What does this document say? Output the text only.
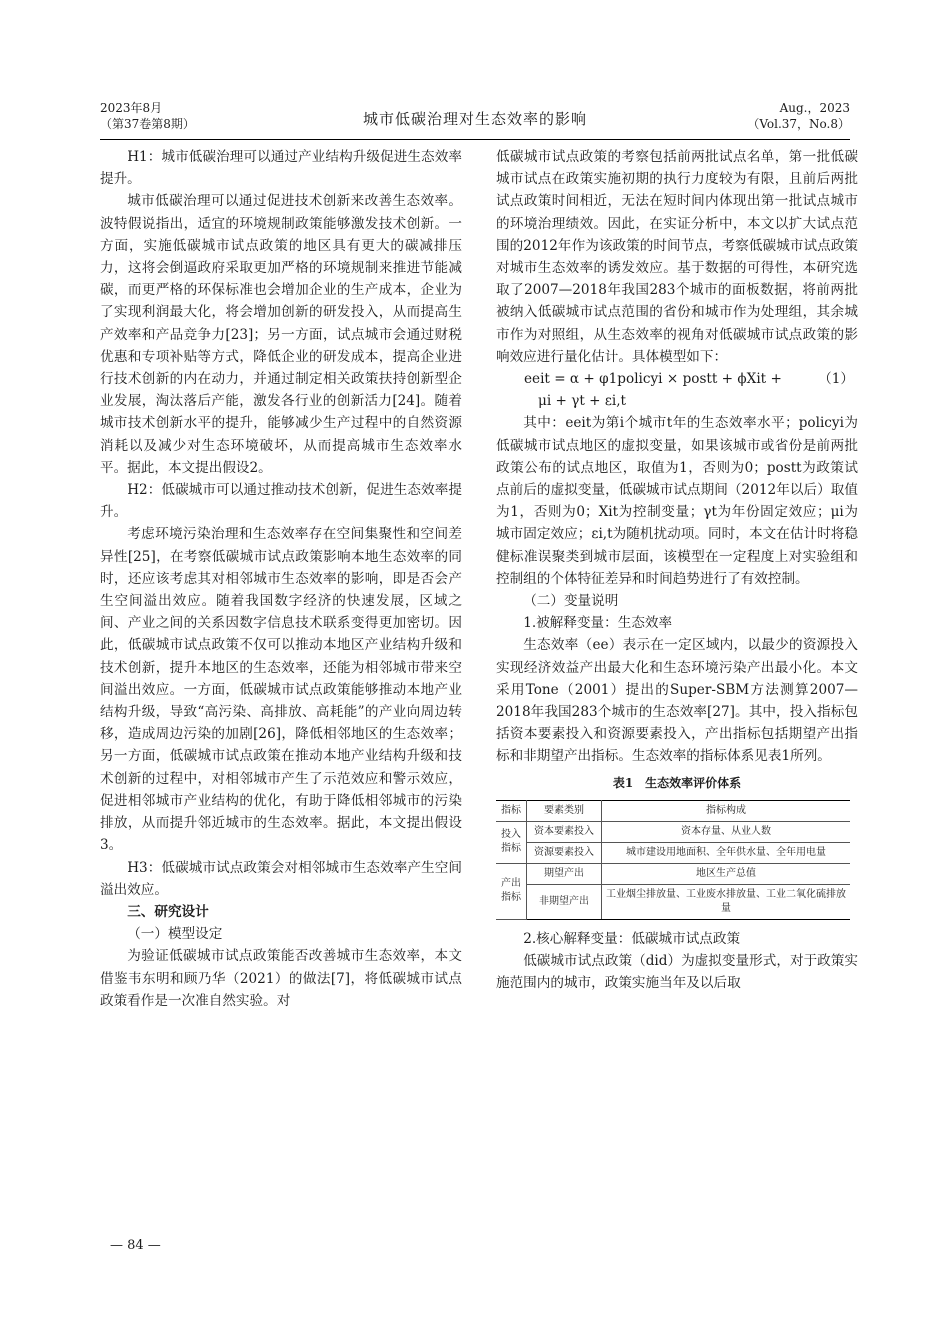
2023年8月
（第37卷第8期）	城市低碳治理对生态效率的影响
Aug.，2023
（Vol.37，No.8）

H1：城市低碳治理可以通过产业结构升级促进生态效率提升。

城市低碳治理可以通过促进技术创新来改善生态效率。波特假说指出，适宜的环境规制政策能够激发技术创新。一方面，实施低碳城市试点政策的地区具有更大的碳减排压力，这将会倒逼政府采取更加严格的环境规制来推进节能减碳，而更严格的环保标准也会增加企业的生产成本，企业为了实现利润最大化，将会增加创新的研发投入，从而提高生产效率和产品竞争力[23]；另一方面，试点城市会通过财税优惠和专项补贴等方式，降低企业的研发成本，提高企业进行技术创新的内在动力，并通过制定相关政策扶持创新型企业发展，淘汰落后产能，激发各行业的创新活力[24]。随着城市技术创新水平的提升，能够减少生产过程中的自然资源消耗以及减少对生态环境破坏，从而提高城市生态效率水平。据此，本文提出假设2。

H2：低碳城市可以通过推动技术创新，促进生态效率提升。

考虑环境污染治理和生态效率存在空间集聚性和空间差异性[25]，在考察低碳城市试点政策影响本地生态效率的同时，还应该考虑其对相邻城市生态效率的影响，即是否会产生空间溢出效应。随着我国数字经济的快速发展，区域之间、产业之间的关系因数字信息技术联系变得更加密切。因此，低碳城市试点政策不仅可以推动本地区产业结构升级和技术创新，提升本地区的生态效率，还能为相邻城市带来空间溢出效应。一方面，低碳城市试点政策能够推动本地产业结构升级，导致“高污染、高排放、高耗能”的产业向周边转移，造成周边污染的加剧[26]，降低相邻地区的生态效率；另一方面，低碳城市试点政策在推动本地产业结构升级和技术创新的过程中，对相邻城市产生了示范效应和警示效应，促进相邻城市产业结构的优化，有助于降低相邻城市的污染排放，从而提升邻近城市的生态效率。据此，本文提出假设3。

H3：低碳城市试点政策会对相邻城市生态效率产生空间溢出效应。

三、研究设计

（一）模型设定

为验证低碳城市试点政策能否改善城市生态效率，本文借鉴韦东明和顾乃华（2021）的做法[7]，将低碳城市试点政策看作是一次准自然实验。对

低碳城市试点政策的考察包括前两批试点名单，第一批低碳城市试点在政策实施初期的执行力度较为有限，且前后两批试点政策时间相近，无法在短时间内体现出第一批试点城市的环境治理绩效。因此，在实证分析中，本文以扩大试点范围的2012年作为该政策的时间节点，考察低碳城市试点政策对城市生态效率的诱发效应。基于数据的可得性，本研究选取了2007—2018年我国283个城市的面板数据，将前两批被纳入低碳城市试点范围的省份和城市作为处理组，其余城市作为对照组，从生态效率的视角对低碳城市试点政策的影响效应进行量化估计。具体模型如下：

eeit = α + φ1policyi × postt + ϕXit +
μi + γt + εi,t
（1）

其中：eeit为第i个城市t年的生态效率水平；policyi为低碳城市试点地区的虚拟变量，如果该城市或省份是前两批政策公布的试点地区，取值为1，否则为0；postt为政策试点前后的虚拟变量，低碳城市试点期间（2012年以后）取值为1，否则为0；Xit为控制变量；γt为年份固定效应；μi为城市固定效应；εi,t为随机扰动项。同时，本文在估计时将稳健标准误聚类到城市层面，该模型在一定程度上对实验组和控制组的个体特征差异和时间趋势进行了有效控制。

（二）变量说明

1.被解释变量：生态效率

生态效率（ee）表示在一定区域内，以最少的资源投入实现经济效益产出最大化和生态环境污染产出最小化。本文采用Tone（2001）提出的Super-SBM方法测算2007—2018年我国283个城市的生态效率[27]。其中，投入指标包括资本要素投入和资源要素投入，产出指标包括期望产出指标和非期望产出指标。生态效率的指标体系见表1所列。

表1　生态效率评价体系
指标	要素类别	指标构成
投入指标	资本要素投入	资本存量、从业人数
	资源要素投入	城市建设用地面积、全年供水量、全年用电量
产出指标	期望产出	地区生产总值
	非期望产出	工业烟尘排放量、工业废水排放量、工业二氧化硫排放量

2.核心解释变量：低碳城市试点政策

低碳城市试点政策（did）为虚拟变量形式，对于政策实施范围内的城市，政策实施当年及以后取

— 84 —
